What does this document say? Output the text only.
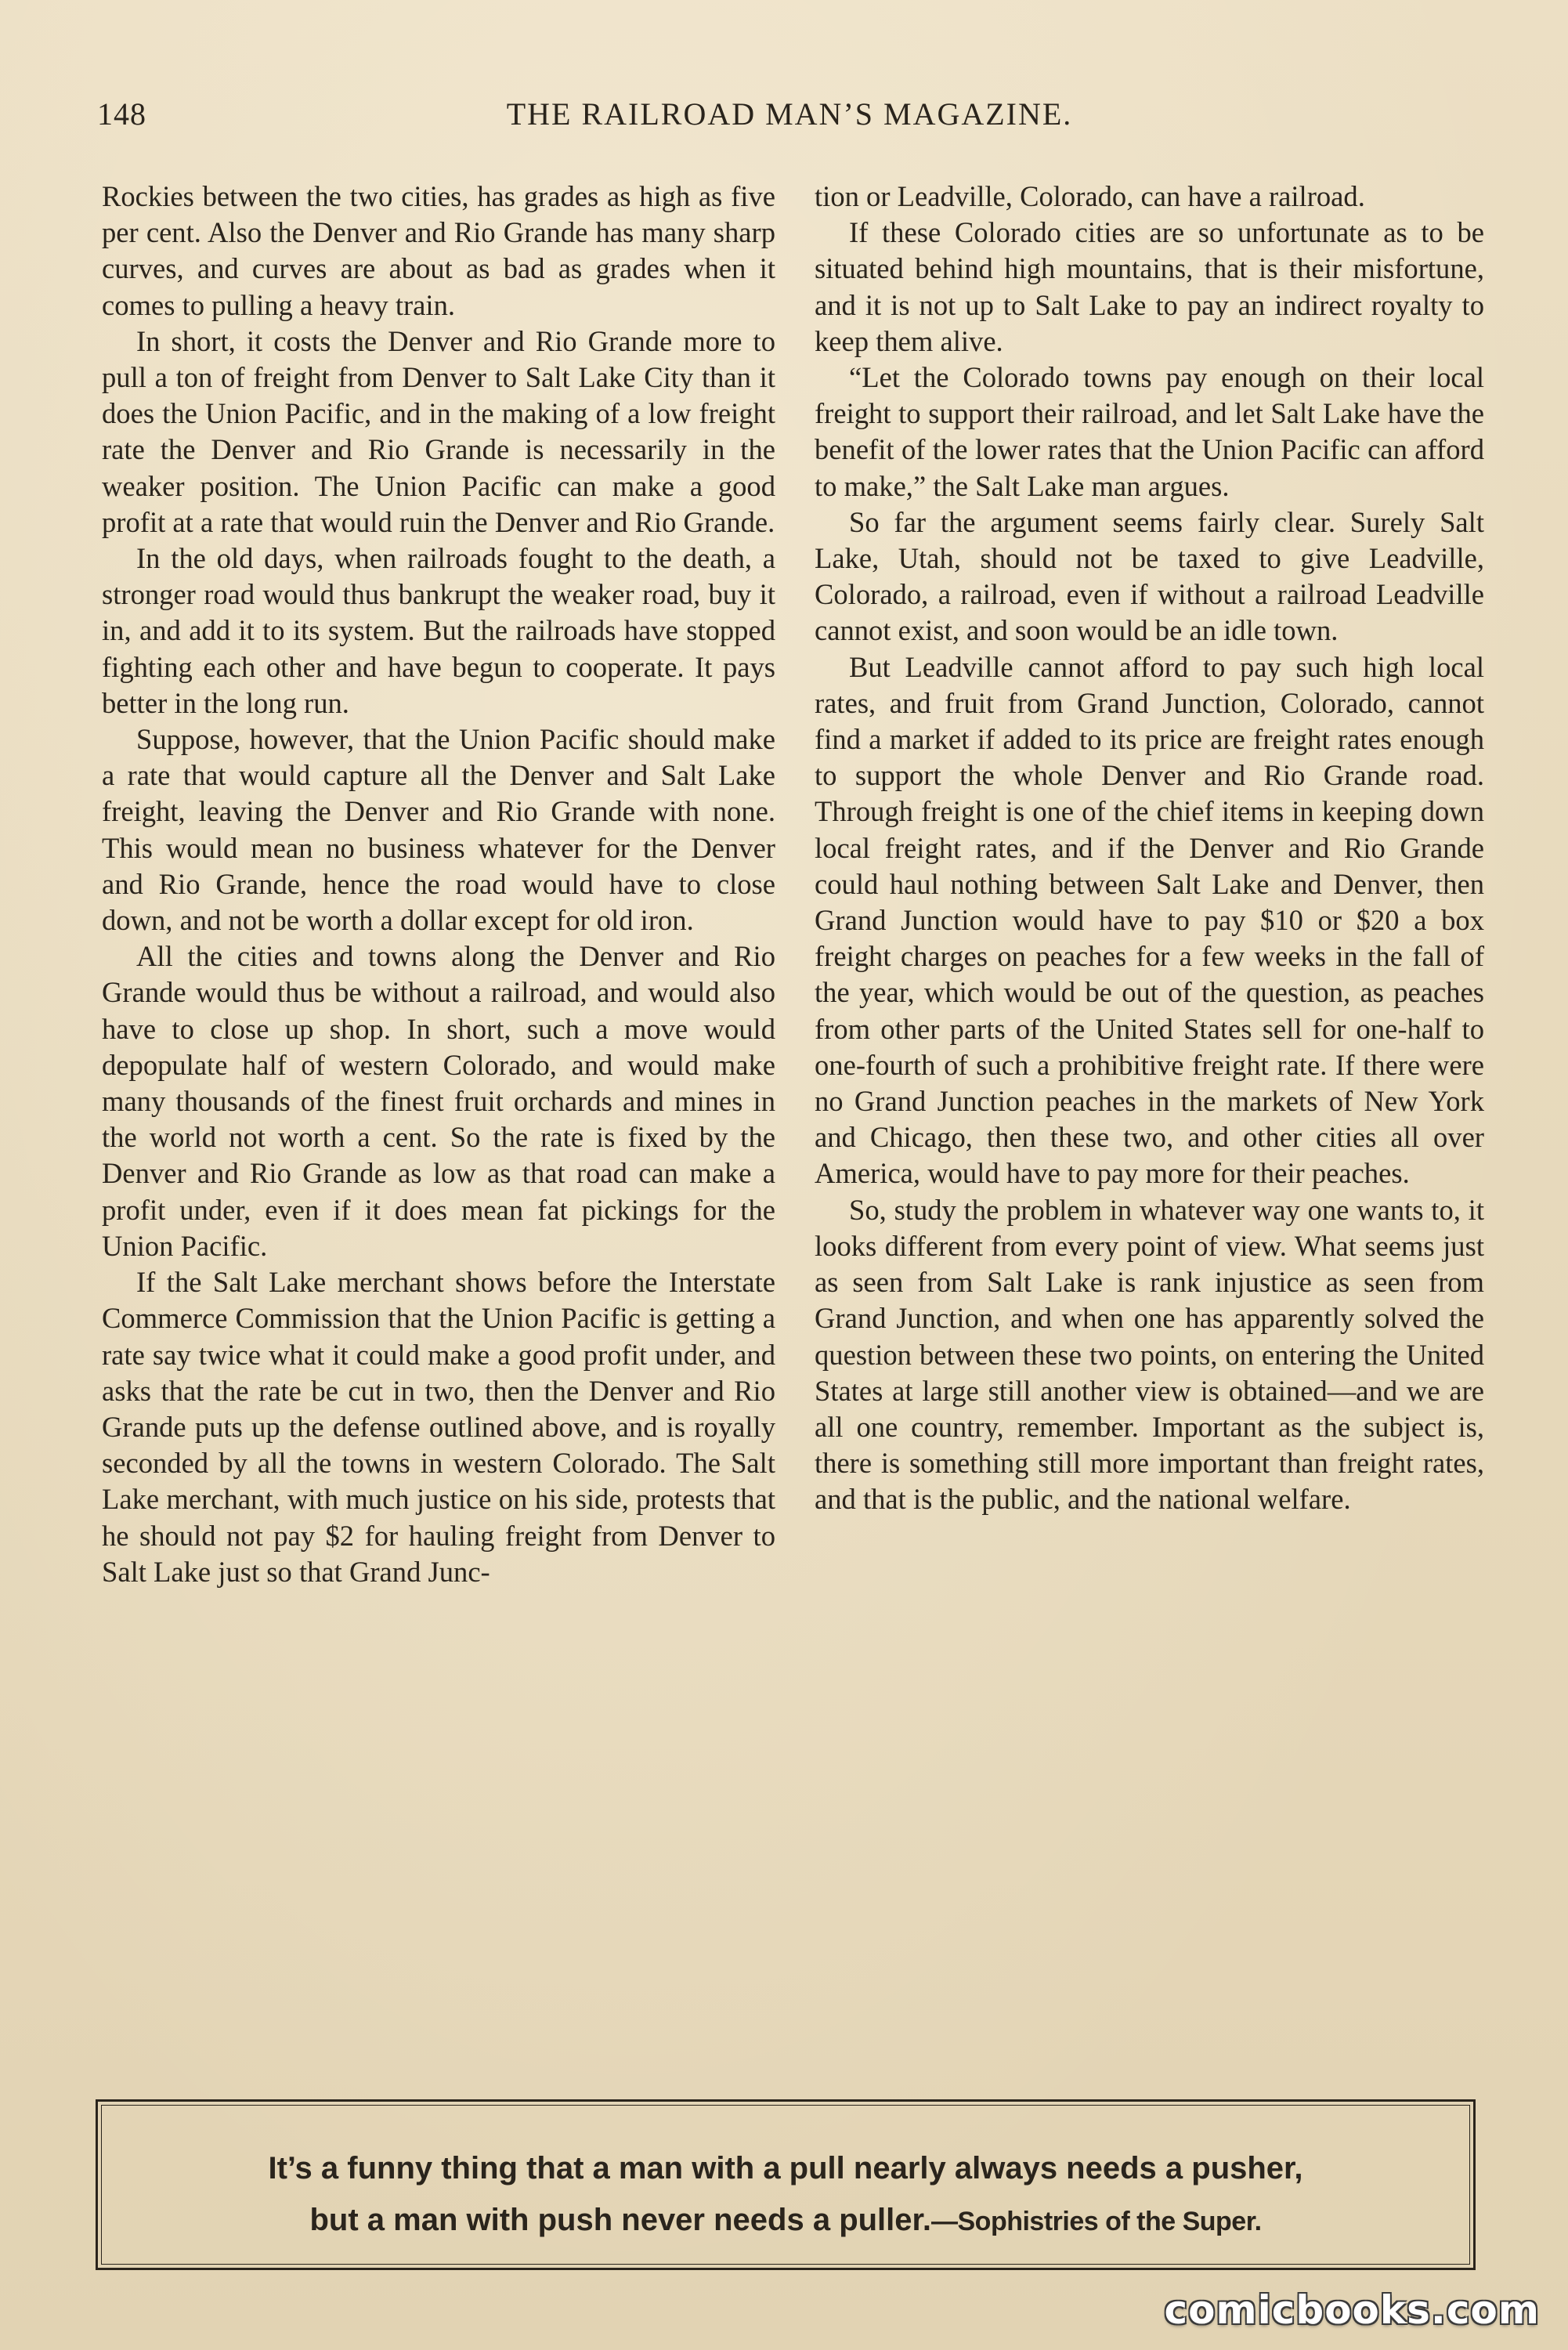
148	THE RAILROAD MAN’S MAGAZINE.

Rockies between the two cities, has grades as high as five per cent. Also the Denver and Rio Grande has many sharp curves, and curves are about as bad as grades when it comes to pulling a heavy train.

In short, it costs the Denver and Rio Grande more to pull a ton of freight from Denver to Salt Lake City than it does the Union Pacific, and in the making of a low freight rate the Denver and Rio Grande is necessarily in the weaker position. The Union Pacific can make a good profit at a rate that would ruin the Denver and Rio Grande.

In the old days, when railroads fought to the death, a stronger road would thus bankrupt the weaker road, buy it in, and add it to its system. But the railroads have stopped fighting each other and have begun to cooperate. It pays better in the long run.

Suppose, however, that the Union Pacific should make a rate that would capture all the Denver and Salt Lake freight, leaving the Denver and Rio Grande with none. This would mean no business whatever for the Denver and Rio Grande, hence the road would have to close down, and not be worth a dollar except for old iron.

All the cities and towns along the Denver and Rio Grande would thus be without a railroad, and would also have to close up shop. In short, such a move would depopulate half of western Colorado, and would make many thousands of the finest fruit orchards and mines in the world not worth a cent. So the rate is fixed by the Denver and Rio Grande as low as that road can make a profit under, even if it does mean fat pickings for the Union Pacific.

If the Salt Lake merchant shows before the Interstate Commerce Commission that the Union Pacific is getting a rate say twice what it could make a good profit under, and asks that the rate be cut in two, then the Denver and Rio Grande puts up the defense outlined above, and is royally seconded by all the towns in western Colorado. The Salt Lake merchant, with much justice on his side, protests that he should not pay $2 for hauling freight from Denver to Salt Lake just so that Grand Junc-

tion or Leadville, Colorado, can have a railroad.

If these Colorado cities are so unfortunate as to be situated behind high mountains, that is their misfortune, and it is not up to Salt Lake to pay an indirect royalty to keep them alive.

“Let the Colorado towns pay enough on their local freight to support their railroad, and let Salt Lake have the benefit of the lower rates that the Union Pacific can afford to make,” the Salt Lake man argues.

So far the argument seems fairly clear. Surely Salt Lake, Utah, should not be taxed to give Leadville, Colorado, a railroad, even if without a railroad Leadville cannot exist, and soon would be an idle town.

But Leadville cannot afford to pay such high local rates, and fruit from Grand Junction, Colorado, cannot find a market if added to its price are freight rates enough to support the whole Denver and Rio Grande road. Through freight is one of the chief items in keeping down local freight rates, and if the Denver and Rio Grande could haul nothing between Salt Lake and Denver, then Grand Junction would have to pay $10 or $20 a box freight charges on peaches for a few weeks in the fall of the year, which would be out of the question, as peaches from other parts of the United States sell for one-half to one-fourth of such a prohibitive freight rate. If there were no Grand Junction peaches in the markets of New York and Chicago, then these two, and other cities all over America, would have to pay more for their peaches.

So, study the problem in whatever way one wants to, it looks different from every point of view. What seems just as seen from Salt Lake is rank injustice as seen from Grand Junction, and when one has apparently solved the question between these two points, on entering the United States at large still another view is obtained—and we are all one country, remember. Important as the subject is, there is something still more important than freight rates, and that is the public, and the national welfare.

It’s a funny thing that a man with a pull nearly always needs a pusher,
but a man with push never needs a puller.—Sophistries of the Super.
comicbooks.com
